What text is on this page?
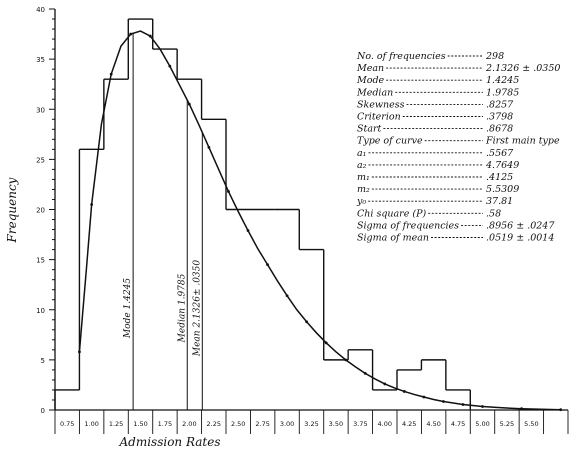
0
5
10
15
20
25
30
35
40
0.75 1.00 1.25 1.50 1.75 2.00 2.25 2.50 2.75 3.00 3.25 3.50 3.75 4.00 4.25 4.50 4.75 5.00 5.25 5.50
Mode 1.4245	Median 1.9785 Mean 2.1326± .0350
No. of frequencies	298
Mean	2.1326 ± .0350
Mode	1.4245
Median	1.9785
Skewness	.8257
Criterion	.3798
Start	.8678
Type of curve	First main type
a₁	.5567
a₂	4.7649
m₁	.4125
m₂	5.5309
y₀	37.81
Chi square (P)	.58
Sigma of frequencies	.8956 ± .0247
Sigma of mean	.0519 ± .0014
Admission Rates
Frequency
